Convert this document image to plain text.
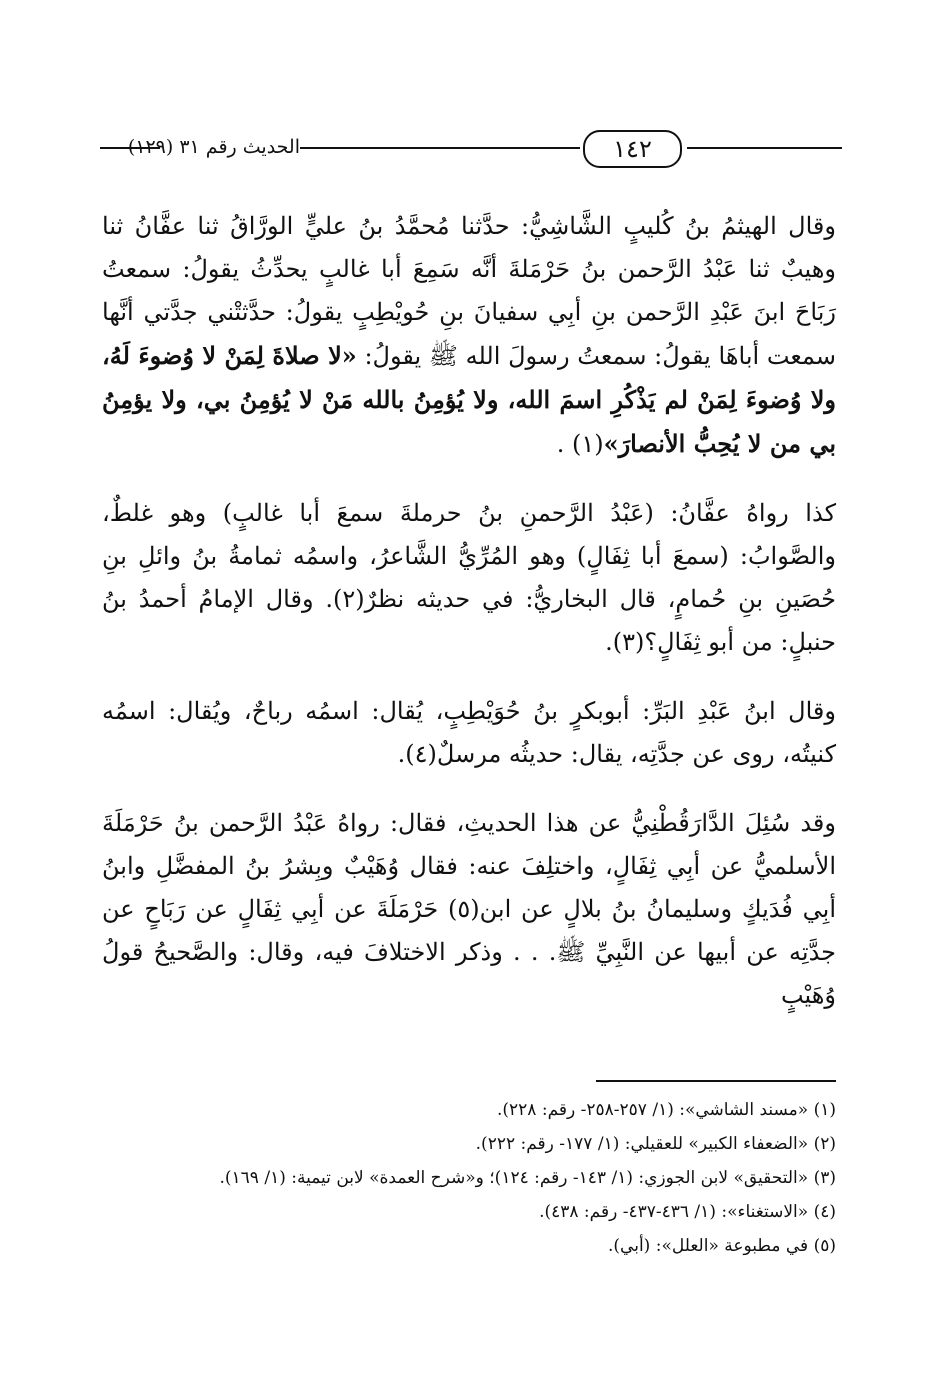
١٤٢
الحديث رقم ٣١ (١٢٩)

وقال الهيثمُ بنُ كُليبٍ الشَّاشِيُّ: حدَّثنا مُحمَّدُ بنُ عليٍّ الورَّاقُ ثنا عفَّانُ ثنا وهيبٌ ثنا عَبْدُ الرَّحمن بنُ حَرْمَلةَ أنَّه سَمِعَ أبا غالبٍ يحدِّثُ يقولُ: سمعتُ رَبَاحَ ابنَ عَبْدِ الرَّحمن بنِ أبِي سفيانَ بنِ حُويْطِبٍ يقولُ: حدَّثتْني جدَّتي أنَّها سمعت أباهَا يقولُ: سمعتُ رسولَ الله ﷺ يقولُ: «لا صلاةَ لِمَنْ لا وُضوءَ لَهُ، ولا وُضوءَ لِمَنْ لم يَذْكُرِ اسمَ الله، ولا يُؤمِنُ بالله مَنْ لا يُؤمِنُ بي، ولا يؤمِنُ بي من لا يُحِبُّ الأنصارَ»(١) .

كذا رواهُ عفَّانُ: (عَبْدُ الرَّحمنِ بنُ حرملةَ سمعَ أبا غالبٍ) وهو غلطٌ، والصَّوابُ: (سمعَ أبا ثِفَالٍ) وهو المُرِّيُّ الشَّاعرُ، واسمُه ثمامةُ بنُ وائلِ بنِ حُصَينِ بنِ حُمامٍ، قال البخاريُّ: في حديثه نظرٌ(٢). وقال الإمامُ أحمدُ بنُ حنبلٍ: من أبو ثِفَالٍ؟(٣).

وقال ابنُ عَبْدِ البَرِّ: أبوبكرٍ بنُ حُوَيْطِبٍ، يُقال: اسمُه رباحٌ، ويُقال: اسمُه كنيتُه، روى عن جدَّتِه، يقال: حديثُه مرسلٌ(٤).

وقد سُئِلَ الدَّارَقُطْنِيُّ عن هذا الحديثِ، فقال: رواهُ عَبْدُ الرَّحمن بنُ حَرْمَلَةَ الأسلميُّ عن أبِي ثِفَالٍ، واختلِفَ عنه: فقال وُهَيْبٌ وبِشرُ بنُ المفضَّلِ وابنُ أبِي فُدَيكٍ وسليمانُ بنُ بلالٍ عن ابن(٥) حَرْمَلَةَ عن أبِي ثِفَالٍ عن رَبَاحٍ عن جدَّتِه عن أبيها عن النَّبِيِّ ﷺ. . . وذكر الاختلافَ فيه، وقال: والصَّحيحُ قولُ وُهَيْبٍ

(١) «مسند الشاشي»: (١/ ٢٥٧-٢٥٨- رقم: ٢٢٨).
(٢) «الضعفاء الكبير» للعقيلي: (١/ ١٧٧- رقم: ٢٢٢).
(٣) «التحقيق» لابن الجوزي: (١/ ١٤٣- رقم: ١٢٤)؛ و«شرح العمدة» لابن تيمية: (١/ ١٦٩).
(٤) «الاستغناء»: (١/ ٤٣٦-٤٣٧- رقم: ٤٣٨).
(٥) في مطبوعة «العلل»: (أبي).
